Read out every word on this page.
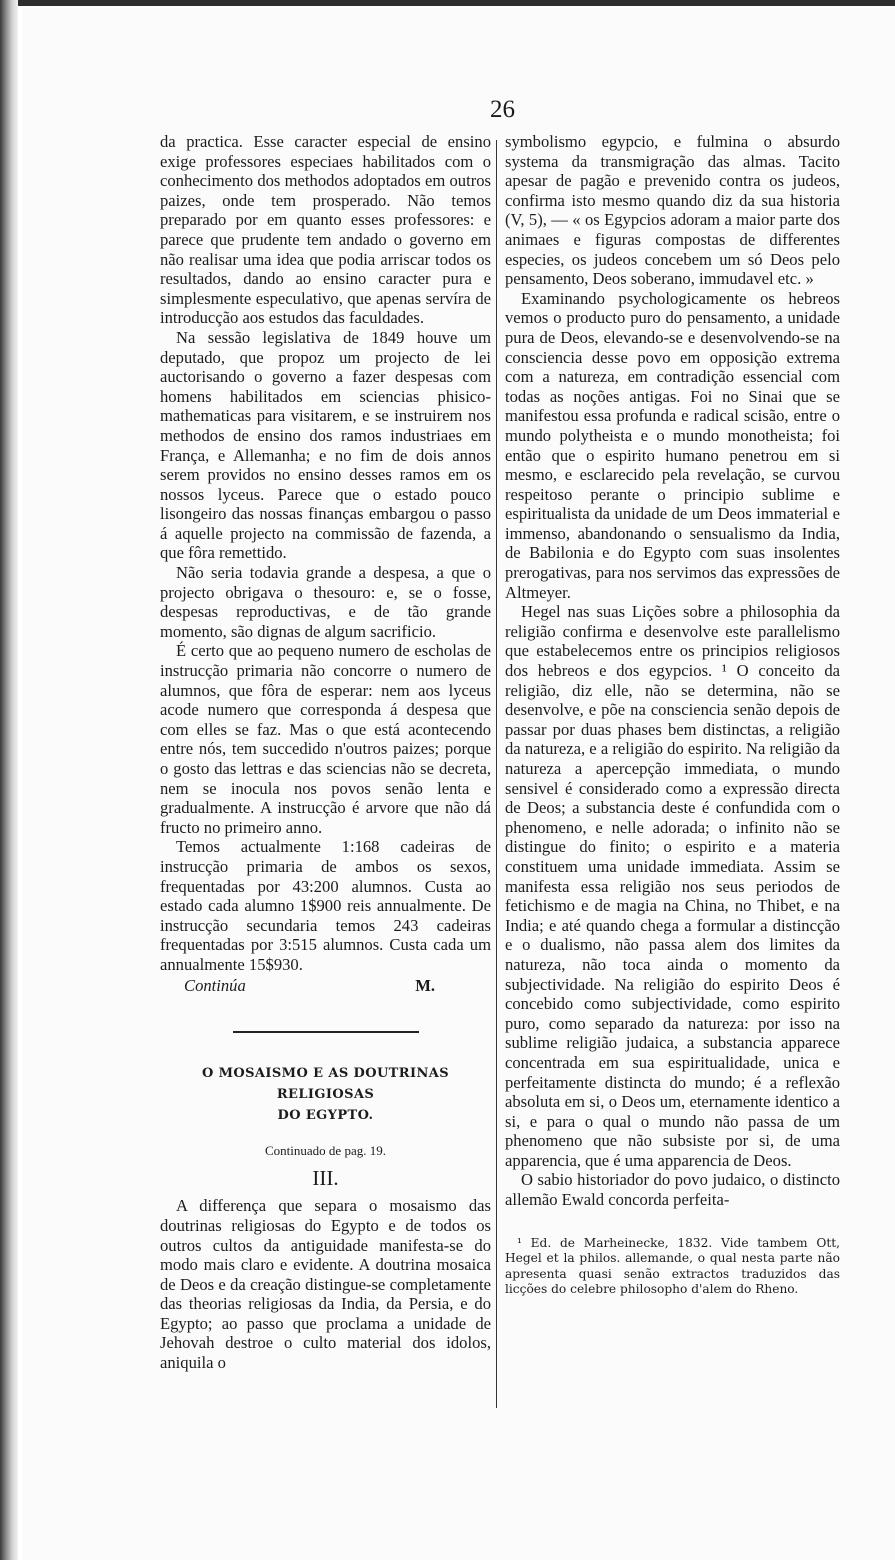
26

da practica. Esse caracter especial de ensino exige professores especiaes habilitados com o conhecimento dos methodos adoptados em outros paizes, onde tem prosperado. Não temos preparado por em quanto esses professores: e parece que prudente tem andado o governo em não realisar uma idea que podia arriscar todos os resultados, dando ao ensino caracter pura e simplesmente especulativo, que apenas servíra de introducção aos estudos das faculdades.

Na sessão legislativa de 1849 houve um deputado, que propoz um projecto de lei auctorisando o governo a fazer despesas com homens habilitados em sciencias phisico-mathematicas para visitarem, e se instruirem nos methodos de ensino dos ramos industriaes em França, e Allemanha; e no fim de dois annos serem providos no ensino desses ramos em os nossos lyceus. Parece que o estado pouco lisongeiro das nossas finanças embargou o passo á aquelle projecto na commissão de fazenda, a que fôra remettido.

Não seria todavia grande a despesa, a que o projecto obrigava o thesouro: e, se o fosse, despesas reproductivas, e de tão grande momento, são dignas de algum sacrificio.

É certo que ao pequeno numero de escholas de instrucção primaria não concorre o numero de alumnos, que fôra de esperar: nem aos lyceus acode numero que corresponda á despesa que com elles se faz. Mas o que está acontecendo entre nós, tem succedido n'outros paizes; porque o gosto das lettras e das sciencias não se decreta, nem se inocula nos povos senão lenta e gradualmente. A instrucção é arvore que não dá fructo no primeiro anno.

Temos actualmente 1:168 cadeiras de instrucção primaria de ambos os sexos, frequentadas por 43:200 alumnos. Custa ao estado cada alumno 1$900 reis annualmente. De instrucção secundaria temos 243 cadeiras frequentadas por 3:515 alumnos. Custa cada um annualmente 15$930.

Continúa	M.
O MOSAISMO E AS DOUTRINAS RELIGIOSAS
DO EGYPTO.
Continuado de pag. 19.
III.

A differença que separa o mosaismo das doutrinas religiosas do Egypto e de todos os outros cultos da antiguidade manifesta-se do modo mais claro e evidente. A doutrina mosaica de Deos e da creação distingue-se completamente das theorias religiosas da India, da Persia, e do Egypto; ao passo que proclama a unidade de Jehovah destroe o culto material dos idolos, aniquila o

symbolismo egypcio, e fulmina o absurdo systema da transmigração das almas. Tacito apesar de pagão e prevenido contra os judeos, confirma isto mesmo quando diz da sua historia (V, 5), — « os Egypcios adoram a maior parte dos animaes e figuras compostas de differentes especies, os judeos concebem um só Deos pelo pensamento, Deos soberano, immudavel etc. »

Examinando psychologicamente os hebreos vemos o producto puro do pensamento, a unidade pura de Deos, elevando-se e desenvolvendo-se na consciencia desse povo em opposição extrema com a natureza, em contradição essencial com todas as noções antigas. Foi no Sinai que se manifestou essa profunda e radical scisão, entre o mundo polytheista e o mundo monotheista; foi então que o espirito humano penetrou em si mesmo, e esclarecido pela revelação, se curvou respeitoso perante o principio sublime e espiritualista da unidade de um Deos immaterial e immenso, abandonando o sensualismo da India, de Babilonia e do Egypto com suas insolentes prerogativas, para nos servimos das expressões de Altmeyer.

Hegel nas suas Lições sobre a philosophia da religião confirma e desenvolve este parallelismo que estabelecemos entre os principios religiosos dos hebreos e dos egypcios. ¹ O conceito da religião, diz elle, não se determina, não se desenvolve, e põe na consciencia senão depois de passar por duas phases bem distinctas, a religião da natureza, e a religião do espirito. Na religião da natureza a apercepção immediata, o mundo sensivel é considerado como a expressão directa de Deos; a substancia deste é confundida com o phenomeno, e nelle adorada; o infinito não se distingue do finito; o espirito e a materia constituem uma unidade immediata. Assim se manifesta essa religião nos seus periodos de fetichismo e de magia na China, no Thibet, e na India; e até quando chega a formular a distincção e o dualismo, não passa alem dos limites da natureza, não toca ainda o momento da subjectividade. Na religião do espirito Deos é concebido como subjectividade, como espirito puro, como separado da natureza: por isso na sublime religião judaica, a substancia apparece concentrada em sua espiritualidade, unica e perfeitamente distincta do mundo; é a reflexão absoluta em si, o Deos um, eternamente identico a si, e para o qual o mundo não passa de um phenomeno que não subsiste por si, de uma apparencia, que é uma apparencia de Deos.

O sabio historiador do povo judaico, o distincto allemão Ewald concorda perfeita-

¹ Ed. de Marheinecke, 1832. Vide tambem Ott, Hegel et la philos. allemande, o qual nesta parte não apresenta quasi senão extractos traduzidos das licções do celebre philosopho d'alem do Rheno.
